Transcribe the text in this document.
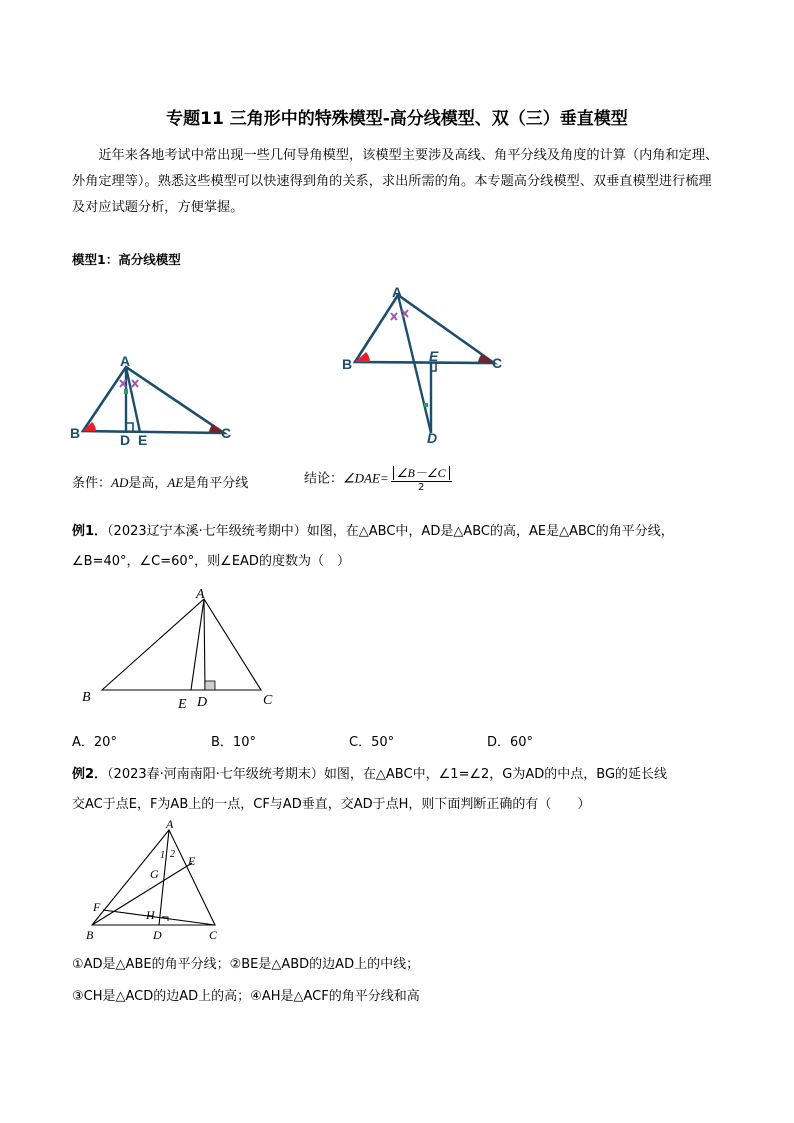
专题11 三角形中的特殊模型-高分线模型、双（三）垂直模型
近年来各地考试中常出现一些几何导角模型，该模型主要涉及高线、角平分线及角度的计算（内角和定理、外角定理等）。熟悉这些模型可以快速得到角的关系，求出所需的角。本专题高分线模型、双垂直模型进行梳理及对应试题分析，方便掌握。
模型1：高分线模型
A
B	C
D E
A
B	C
D
E
条件：AD是高，AE是角平分线	结论：∠DAE= $\frac{\angle B-\angle C}{2}$
例1．（2023辽宁本溪·七年级统考期中）如图，在△ABC中，AD是△ABC的高，AE是△ABC的角平分线，
∠B=40°，∠C=60°，则∠EAD的度数为（　）
A
B	C
D
E
A．20°	B．10°	C．50°	D．60°
例2．（2023春·河南南阳·七年级统考期末）如图，在△ABC中，∠1=∠2，G为AD的中点，BG的延长线
交AC于点E，F为AB上的一点，CF与AD垂直，交AD于点H，则下面判断正确的有（　　）
A
B	C
D
E
F
G
H
1 2
①AD是△ABE的角平分线；②BE是△ABD的边AD上的中线；
③CH是△ACD的边AD上的高；④AH是△ACF的角平分线和高
